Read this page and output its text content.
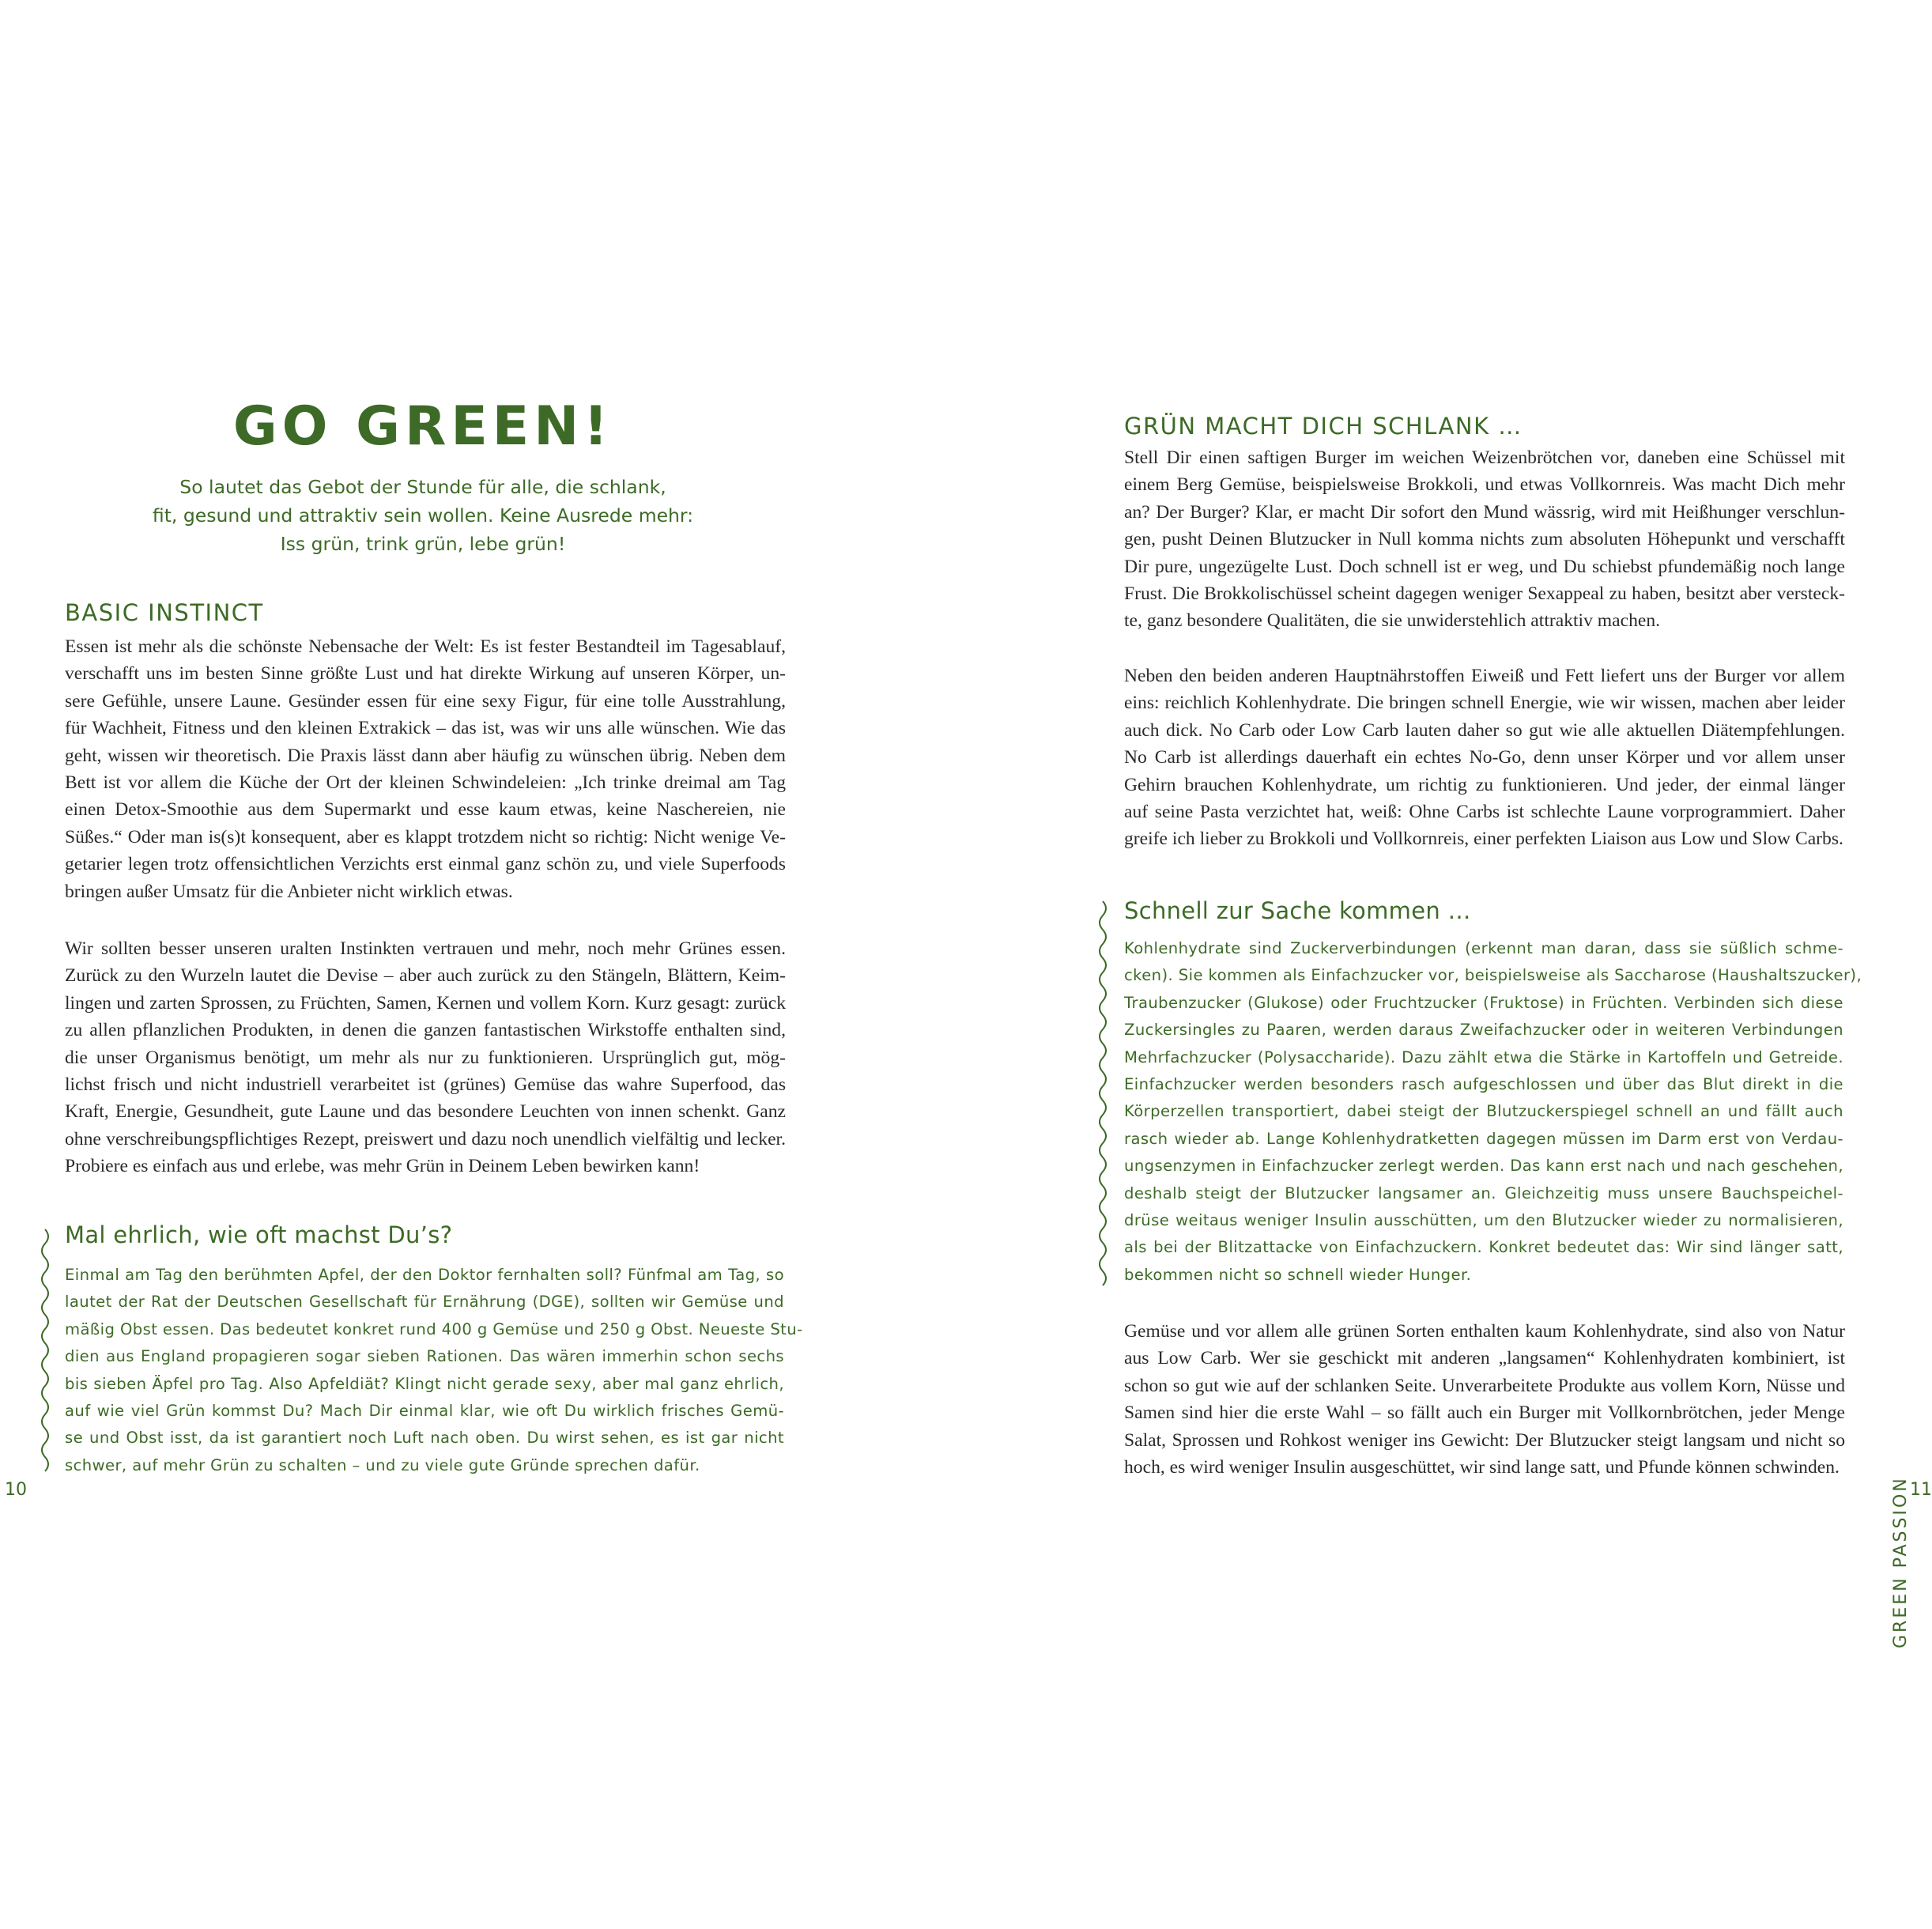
GO GREEN!
So lautet das Gebot der Stunde für alle, die schlank,
fit, gesund und attraktiv sein wollen. Keine Ausrede mehr:
Iss grün, trink grün, lebe grün!
BASIC INSTINCT
Essen ist mehr als die schönste Nebensache der Welt: Es ist fester Bestandteil im Tagesablauf,
verschafft uns im besten Sinne größte Lust und hat direkte Wirkung auf unseren Körper, un-
sere Gefühle, unsere Laune. Gesünder essen für eine sexy Figur, für eine tolle Ausstrahlung,
für Wachheit, Fitness und den kleinen Extrakick – das ist, was wir uns alle wünschen. Wie das
geht, wissen wir theoretisch. Die Praxis lässt dann aber häufig zu wünschen übrig. Neben dem
Bett ist vor allem die Küche der Ort der kleinen Schwindeleien: „Ich trinke dreimal am Tag
einen Detox-Smoothie aus dem Supermarkt und esse kaum etwas, keine Naschereien, nie
Süßes.“ Oder man is(s)t konsequent, aber es klappt trotzdem nicht so richtig: Nicht wenige Ve-
getarier legen trotz offensichtlichen Verzichts erst einmal ganz schön zu, und viele Superfoods
bringen außer Umsatz für die Anbieter nicht wirklich etwas.
Wir sollten besser unseren uralten Instinkten vertrauen und mehr, noch mehr Grünes essen.
Zurück zu den Wurzeln lautet die Devise – aber auch zurück zu den Stängeln, Blättern, Keim-
lingen und zarten Sprossen, zu Früchten, Samen, Kernen und vollem Korn. Kurz gesagt: zurück
zu allen pflanzlichen Produkten, in denen die ganzen fantastischen Wirkstoffe enthalten sind,
die unser Organismus benötigt, um mehr als nur zu funktionieren. Ursprünglich gut, mög-
lichst frisch und nicht industriell verarbeitet ist (grünes) Gemüse das wahre Superfood, das
Kraft, Energie, Gesundheit, gute Laune und das besondere Leuchten von innen schenkt. Ganz
ohne verschreibungspflichtiges Rezept, preiswert und dazu noch unendlich vielfältig und lecker.
Probiere es einfach aus und erlebe, was mehr Grün in Deinem Leben bewirken kann!
Mal ehrlich, wie oft machst Du’s?
Einmal am Tag den berühmten Apfel, der den Doktor fernhalten soll? Fünfmal am Tag, so
lautet der Rat der Deutschen Gesellschaft für Ernährung (DGE), sollten wir Gemüse und
mäßig Obst essen. Das bedeutet konkret rund 400 g Gemüse und 250 g Obst. Neueste Stu-
dien aus England propagieren sogar sieben Rationen. Das wären immerhin schon sechs
bis sieben Äpfel pro Tag. Also Apfeldiät? Klingt nicht gerade sexy, aber mal ganz ehrlich,
auf wie viel Grün kommst Du? Mach Dir einmal klar, wie oft Du wirklich frisches Gemü-
se und Obst isst, da ist garantiert noch Luft nach oben. Du wirst sehen, es ist gar nicht
schwer, auf mehr Grün zu schalten – und zu viele gute Gründe sprechen dafür.
10
GRÜN MACHT DICH SCHLANK …
Stell Dir einen saftigen Burger im weichen Weizenbrötchen vor, daneben eine Schüssel mit
einem Berg Gemüse, beispielsweise Brokkoli, und etwas Vollkornreis. Was macht Dich mehr
an? Der Burger? Klar, er macht Dir sofort den Mund wässrig, wird mit Heißhunger verschlun-
gen, pusht Deinen Blutzucker in Null komma nichts zum absoluten Höhepunkt und verschafft
Dir pure, ungezügelte Lust. Doch schnell ist er weg, und Du schiebst pfundemäßig noch lange
Frust. Die Brokkolischüssel scheint dagegen weniger Sexappeal zu haben, besitzt aber versteck-
te, ganz besondere Qualitäten, die sie unwiderstehlich attraktiv machen.
Neben den beiden anderen Hauptnährstoffen Eiweiß und Fett liefert uns der Burger vor allem
eins: reichlich Kohlenhydrate. Die bringen schnell Energie, wie wir wissen, machen aber leider
auch dick. No Carb oder Low Carb lauten daher so gut wie alle aktuellen Diätempfehlungen.
No Carb ist allerdings dauerhaft ein echtes No-Go, denn unser Körper und vor allem unser
Gehirn brauchen Kohlenhydrate, um richtig zu funktionieren. Und jeder, der einmal länger
auf seine Pasta verzichtet hat, weiß: Ohne Carbs ist schlechte Laune vorprogrammiert. Daher
greife ich lieber zu Brokkoli und Vollkornreis, einer perfekten Liaison aus Low und Slow Carbs.
Schnell zur Sache kommen …
Kohlenhydrate sind Zuckerverbindungen (erkennt man daran, dass sie süßlich schme-
cken). Sie kommen als Einfachzucker vor, beispielsweise als Saccharose (Haushaltszucker),
Traubenzucker (Glukose) oder Fruchtzucker (Fruktose) in Früchten. Verbinden sich diese
Zuckersingles zu Paaren, werden daraus Zweifachzucker oder in weiteren Verbindungen
Mehrfachzucker (Polysaccharide). Dazu zählt etwa die Stärke in Kartoffeln und Getreide.
Einfachzucker werden besonders rasch aufgeschlossen und über das Blut direkt in die
Körperzellen transportiert, dabei steigt der Blutzuckerspiegel schnell an und fällt auch
rasch wieder ab. Lange Kohlenhydratketten dagegen müssen im Darm erst von Verdau-
ungsenzymen in Einfachzucker zerlegt werden. Das kann erst nach und nach geschehen,
deshalb steigt der Blutzucker langsamer an. Gleichzeitig muss unsere Bauchspeichel-
drüse weitaus weniger Insulin ausschütten, um den Blutzucker wieder zu normalisieren,
als bei der Blitzattacke von Einfachzuckern. Konkret bedeutet das: Wir sind länger satt,
bekommen nicht so schnell wieder Hunger.
Gemüse und vor allem alle grünen Sorten enthalten kaum Kohlenhydrate, sind also von Natur
aus Low Carb. Wer sie geschickt mit anderen „langsamen“ Kohlenhydraten kombiniert, ist
schon so gut wie auf der schlanken Seite. Unverarbeitete Produkte aus vollem Korn, Nüsse und
Samen sind hier die erste Wahl – so fällt auch ein Burger mit Vollkornbrötchen, jeder Menge
Salat, Sprossen und Rohkost weniger ins Gewicht: Der Blutzucker steigt langsam und nicht so
hoch, es wird weniger Insulin ausgeschüttet, wir sind lange satt, und Pfunde können schwinden.
11
GREEN PASSION
